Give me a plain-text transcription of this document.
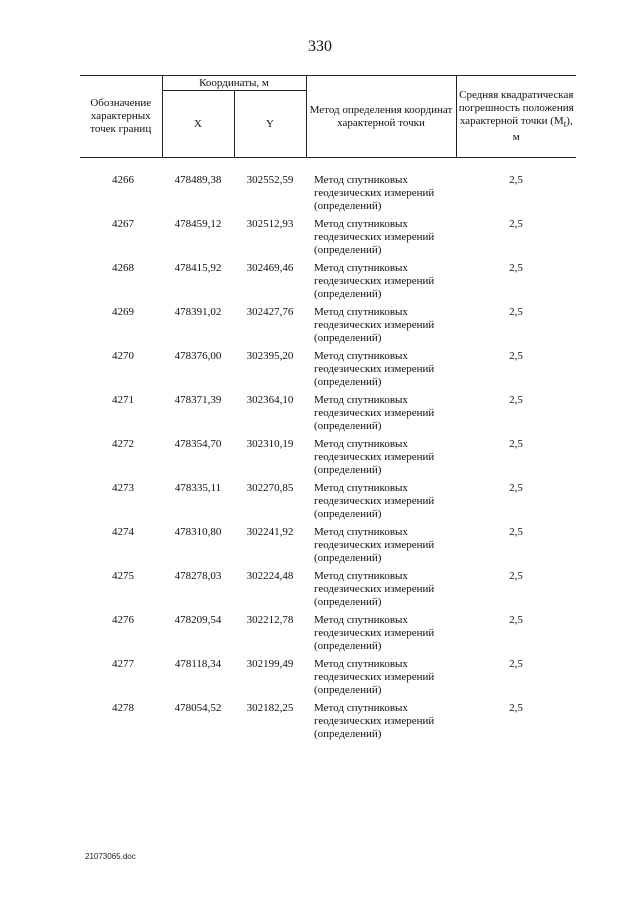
330
Обозначение характерных точек границ	Координаты, м		Метод определения координат характерной точки	Средняя квадратическая погрешность положения характерной точки $(M_t)$, м
	X	Y		
4266	478489,38	302552,59	Метод спутниковых геодезических измерений (определений)	2,5
4267	478459,12	302512,93	Метод спутниковых геодезических измерений (определений)	2,5
4268	478415,92	302469,46	Метод спутниковых геодезических измерений (определений)	2,5
4269	478391,02	302427,76	Метод спутниковых геодезических измерений (определений)	2,5
4270	478376,00	302395,20	Метод спутниковых геодезических измерений (определений)	2,5
4271	478371,39	302364,10	Метод спутниковых геодезических измерений (определений)	2,5
4272	478354,70	302310,19	Метод спутниковых геодезических измерений (определений)	2,5
4273	478335,11	302270,85	Метод спутниковых геодезических измерений (определений)	2,5
4274	478310,80	302241,92	Метод спутниковых геодезических измерений (определений)	2,5
4275	478278,03	302224,48	Метод спутниковых геодезических измерений (определений)	2,5
4276	478209,54	302212,78	Метод спутниковых геодезических измерений (определений)	2,5
4277	478118,34	302199,49	Метод спутниковых геодезических измерений (определений)	2,5
4278	478054,52	302182,25	Метод спутниковых геодезических измерений (определений)	2,5
21073065.doc
